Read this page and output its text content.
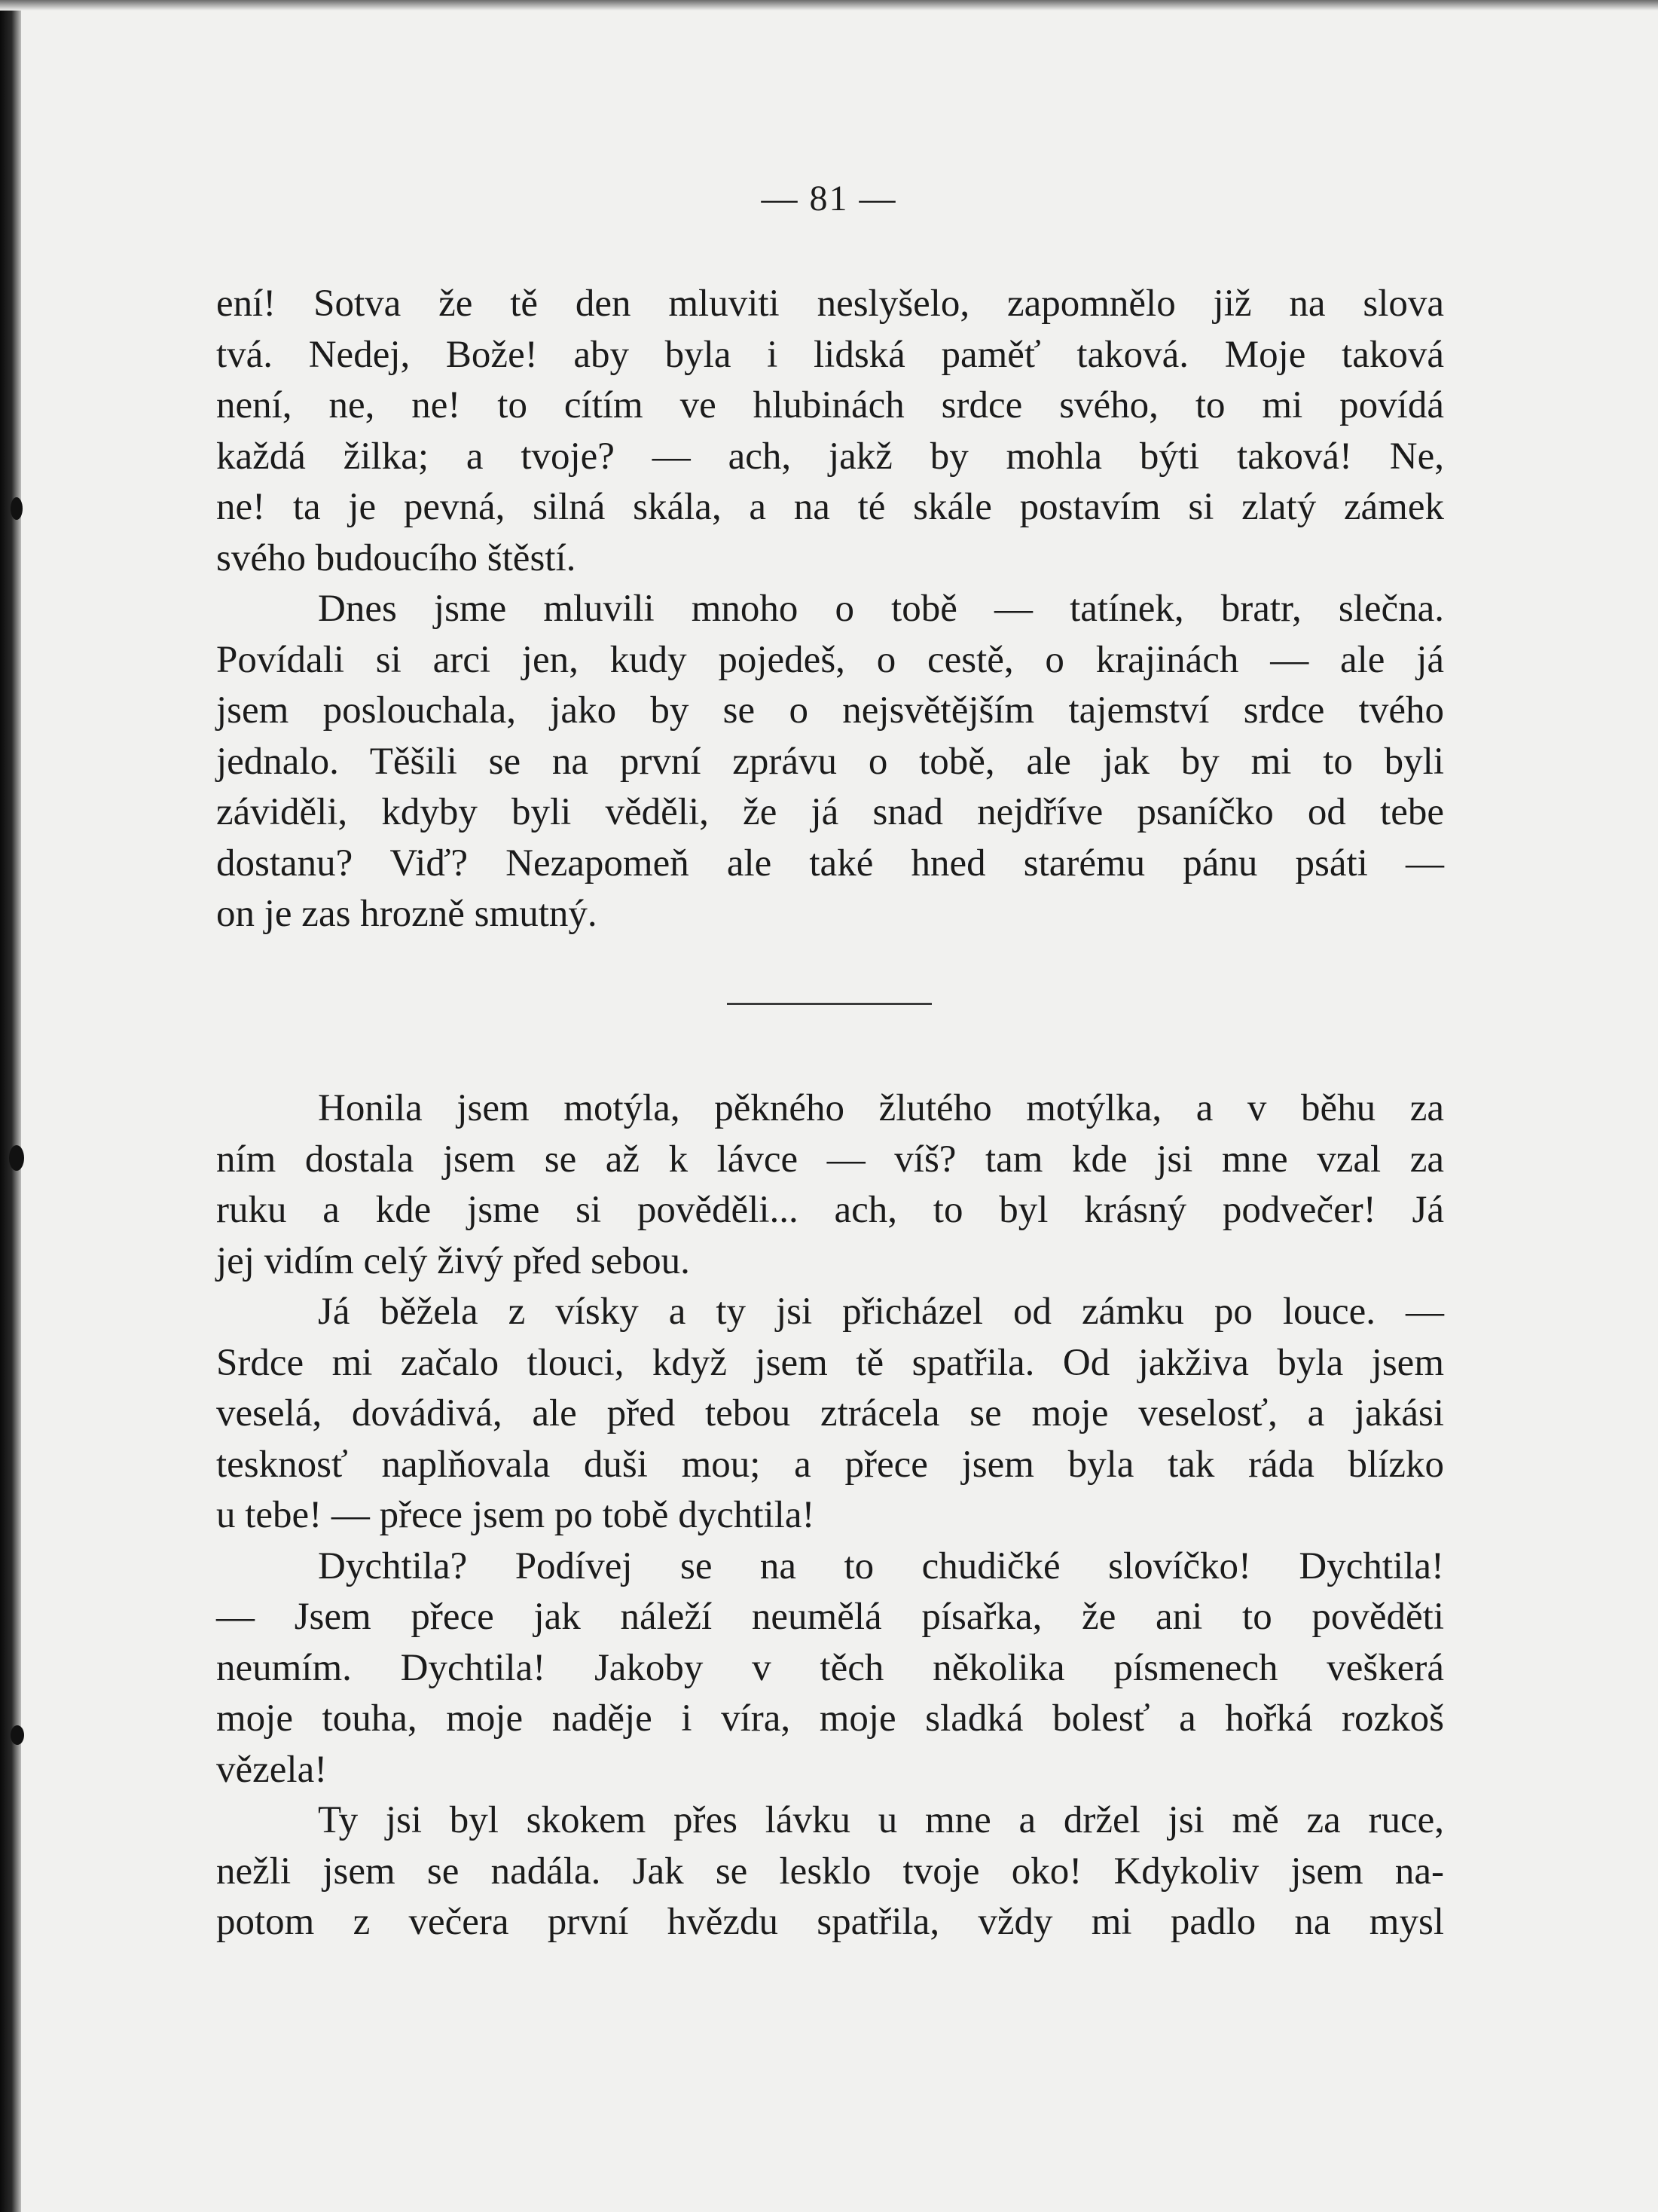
— 81 —
ení! Sotva že tě den mluviti neslyšelo, zapomnělo již na slova
tvá. Nedej, Bože! aby byla i lidská paměť taková. Moje taková
není, ne, ne! to cítím ve hlubinách srdce svého, to mi povídá
každá žilka; a tvoje? — ach, jakž by mohla býti taková! Ne,
ne! ta je pevná, silná skála, a na té skále postavím si zlatý zámek
svého budoucího štěstí.
Dnes jsme mluvili mnoho o tobě — tatínek, bratr, slečna.
Povídali si arci jen, kudy pojedeš, o cestě, o krajinách — ale já
jsem poslouchala, jako by se o nejsvětějším tajemství srdce tvého
jednalo. Těšili se na první zprávu o tobě, ale jak by mi to byli
záviděli, kdyby byli věděli, že já snad nejdříve psaníčko od tebe
dostanu? Viď? Nezapomeň ale také hned starému pánu psáti —
on je zas hrozně smutný.
Honila jsem motýla, pěkného žlutého motýlka, a v běhu za
ním dostala jsem se až k lávce — víš? tam kde jsi mne vzal za
ruku a kde jsme si pověděli... ach, to byl krásný podvečer! Já
jej vidím celý živý před sebou.
Já běžela z vísky a ty jsi přicházel od zámku po louce. —
Srdce mi začalo tlouci, když jsem tě spatřila. Od jakživa byla jsem
veselá, dovádivá, ale před tebou ztrácela se moje veselosť, a jakási
tesknosť naplňovala duši mou; a přece jsem byla tak ráda blízko
u tebe! — přece jsem po tobě dychtila!
Dychtila? Podívej se na to chudičké slovíčko! Dychtila!
— Jsem přece jak náleží neumělá písařka, že ani to pověděti
neumím. Dychtila! Jakoby v těch několika písmenech veškerá
moje touha, moje naděje i víra, moje sladká bolesť a hořká rozkoš
vězela!
Ty jsi byl skokem přes lávku u mne a držel jsi mě za ruce,
nežli jsem se nadála. Jak se lesklo tvoje oko! Kdykoliv jsem na-
potom z večera první hvězdu spatřila, vždy mi padlo na mysl
